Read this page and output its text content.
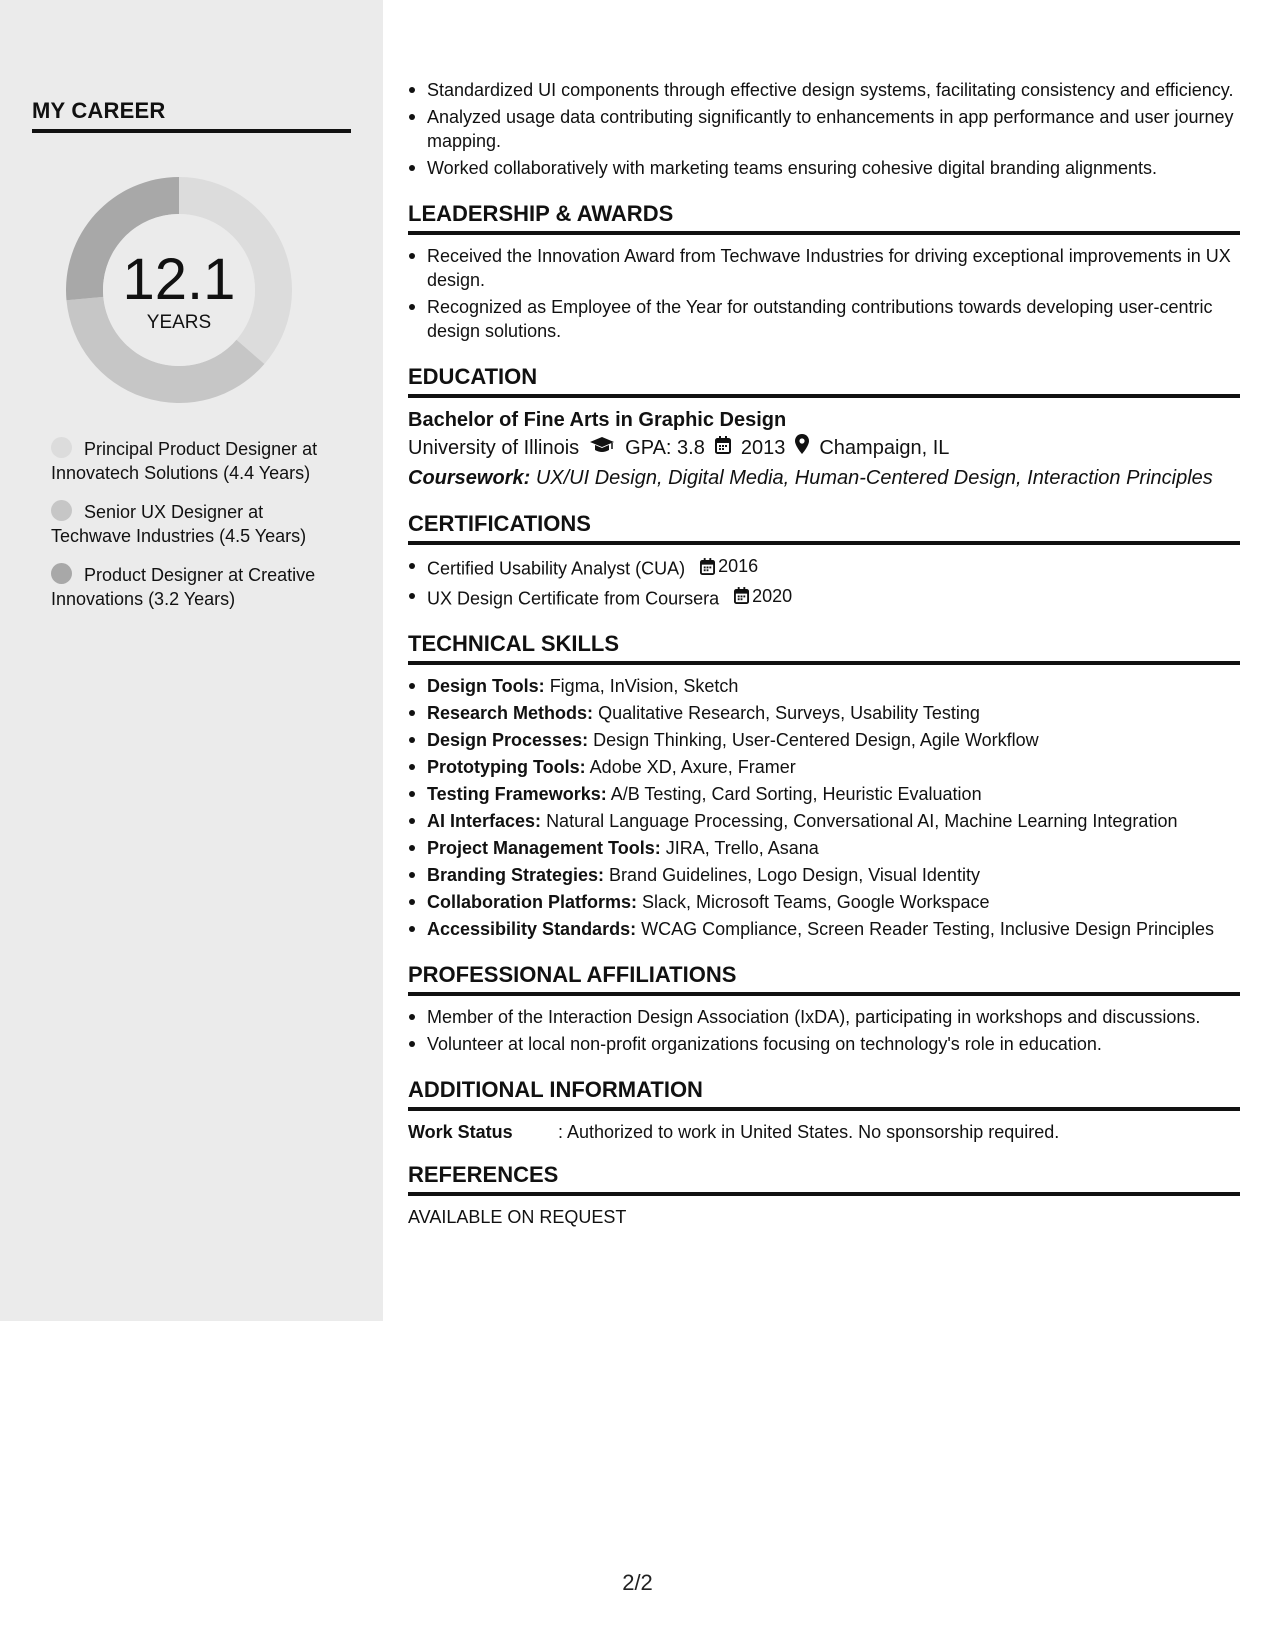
MY CAREER
12.1
YEARS
Principal Product Designer at Innovatech Solutions (4.4 Years)
Senior UX Designer at Techwave Industries (4.5 Years)
Product Designer at Creative Innovations (3.2 Years)
Standardized UI components through effective design systems, facilitating consistency and efficiency.
Analyzed usage data contributing significantly to enhancements in app performance and user journey mapping.
Worked collaboratively with marketing teams ensuring cohesive digital branding alignments.
LEADERSHIP & AWARDS
Received the Innovation Award from Techwave Industries for driving exceptional improvements in UX design.
Recognized as Employee of the Year for outstanding contributions towards developing user-centric design solutions.
EDUCATION
Bachelor of Fine Arts in Graphic Design
University of Illinois GPA: 3.8 2013 Champaign, IL
Coursework: UX/UI Design, Digital Media, Human-Centered Design, Interaction Principles
CERTIFICATIONS
Certified Usability Analyst (CUA) 2016
UX Design Certificate from Coursera 2020
TECHNICAL SKILLS
Design Tools: Figma, InVision, Sketch
Research Methods: Qualitative Research, Surveys, Usability Testing
Design Processes: Design Thinking, User-Centered Design, Agile Workflow
Prototyping Tools: Adobe XD, Axure, Framer
Testing Frameworks: A/B Testing, Card Sorting, Heuristic Evaluation
AI Interfaces: Natural Language Processing, Conversational AI, Machine Learning Integration
Project Management Tools: JIRA, Trello, Asana
Branding Strategies: Brand Guidelines, Logo Design, Visual Identity
Collaboration Platforms: Slack, Microsoft Teams, Google Workspace
Accessibility Standards: WCAG Compliance, Screen Reader Testing, Inclusive Design Principles
PROFESSIONAL AFFILIATIONS
Member of the Interaction Design Association (IxDA), participating in workshops and discussions.
Volunteer at local non-profit organizations focusing on technology's role in education.
ADDITIONAL INFORMATION
Work Status	: Authorized to work in United States. No sponsorship required.
REFERENCES
AVAILABLE ON REQUEST
2/2
